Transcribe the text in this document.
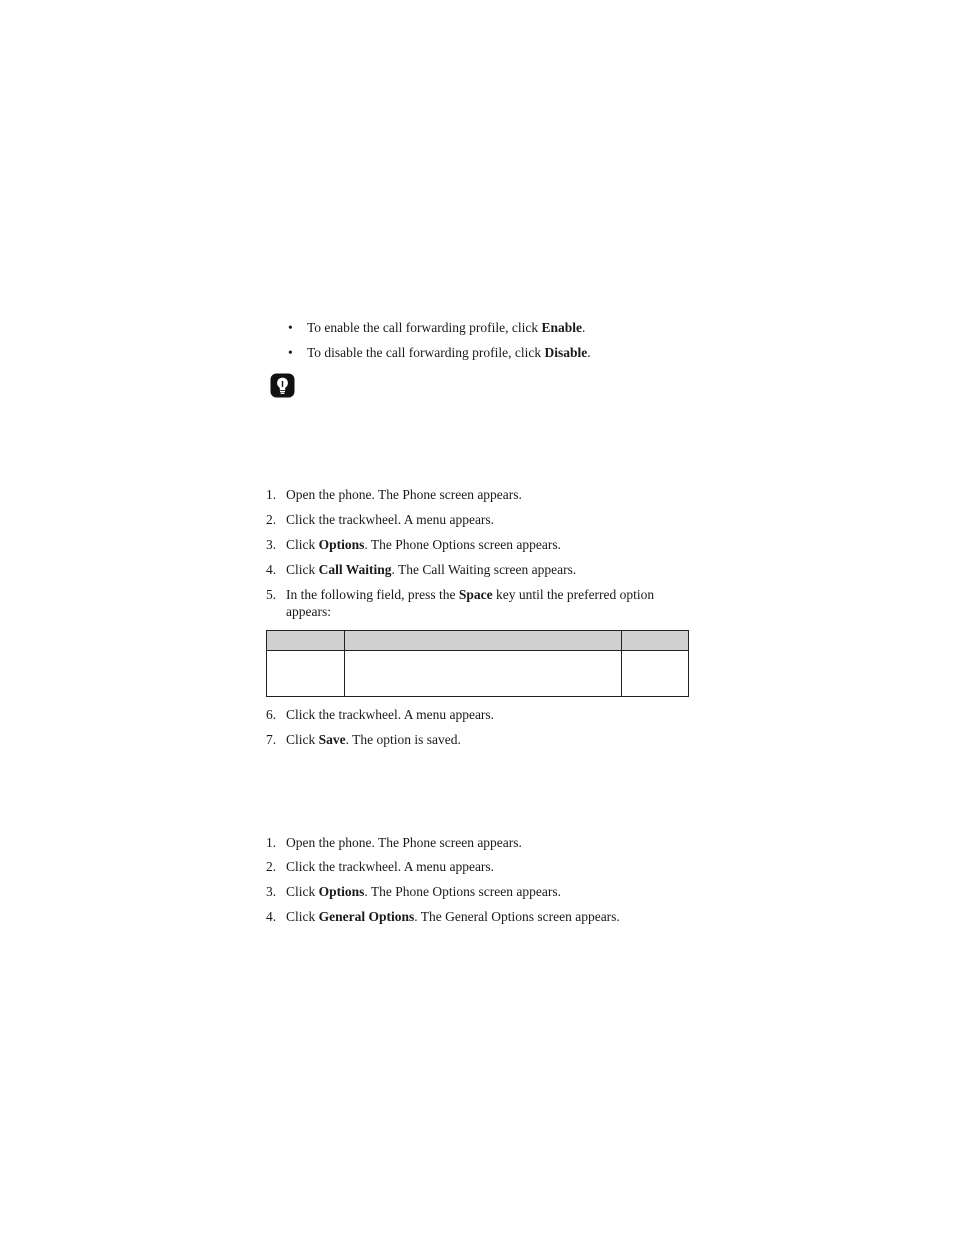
•	To enable the call forwarding profile, click Enable.
•	To disable the call forwarding profile, click Disable.
1. Open the phone. The Phone screen appears.
2. Click the trackwheel. A menu appears.
3. Click Options. The Phone Options screen appears.
4. Click Call Waiting. The Call Waiting screen appears.
5. In the following field, press the Space key until the preferred option appears:

6. Click the trackwheel. A menu appears.
7. Click Save. The option is saved.
1. Open the phone. The Phone screen appears.
2. Click the trackwheel. A menu appears.
3. Click Options. The Phone Options screen appears.
4. Click General Options. The General Options screen appears.
